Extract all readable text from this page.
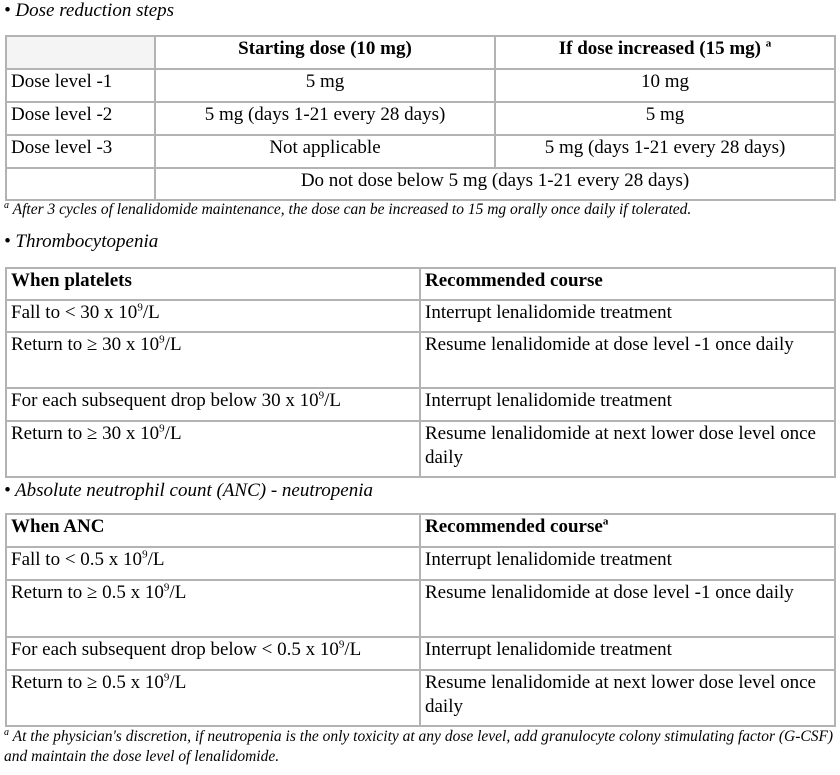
• Dose reduction steps
	Starting dose (10 mg)	If dose increased (15 mg) $^a$
Dose level -1	5 mg	10 mg
Dose level -2	5 mg (days 1-21 every 28 days)	5 mg
Dose level -3	Not applicable	5 mg (days 1-21 every 28 days)
	Do not dose below 5 mg (days 1-21 every 28 days)	
$^a$ After 3 cycles of lenalidomide maintenance, the dose can be increased to 15 mg orally once daily if tolerated.
• Thrombocytopenia
When platelets	Recommended course
Fall to < 30 x $10^9/L$	Interrupt lenalidomide treatment
Return to ≥ 30 x $10^9/L$	Resume lenalidomide at dose level -1 once daily
For each subsequent drop below 30 x $10^9/L$	Interrupt lenalidomide treatment
Return to ≥ 30 x $10^9/L$	Resume lenalidomide at next lower dose level once daily
• Absolute neutrophil count (ANC) - neutropenia
When ANC	Recommended course$^a$
Fall to < 0.5 x $10^9/L$	Interrupt lenalidomide treatment
Return to ≥ 0.5 x $10^9/L$	Resume lenalidomide at dose level -1 once daily
For each subsequent drop below < 0.5 x $10^9/L$	Interrupt lenalidomide treatment
Return to ≥ 0.5 x $10^9/L$	Resume lenalidomide at next lower dose level once daily
$^a$ At the physician's discretion, if neutropenia is the only toxicity at any dose level, add granulocyte colony stimulating factor (G-CSF) and maintain the dose level of lenalidomide.
